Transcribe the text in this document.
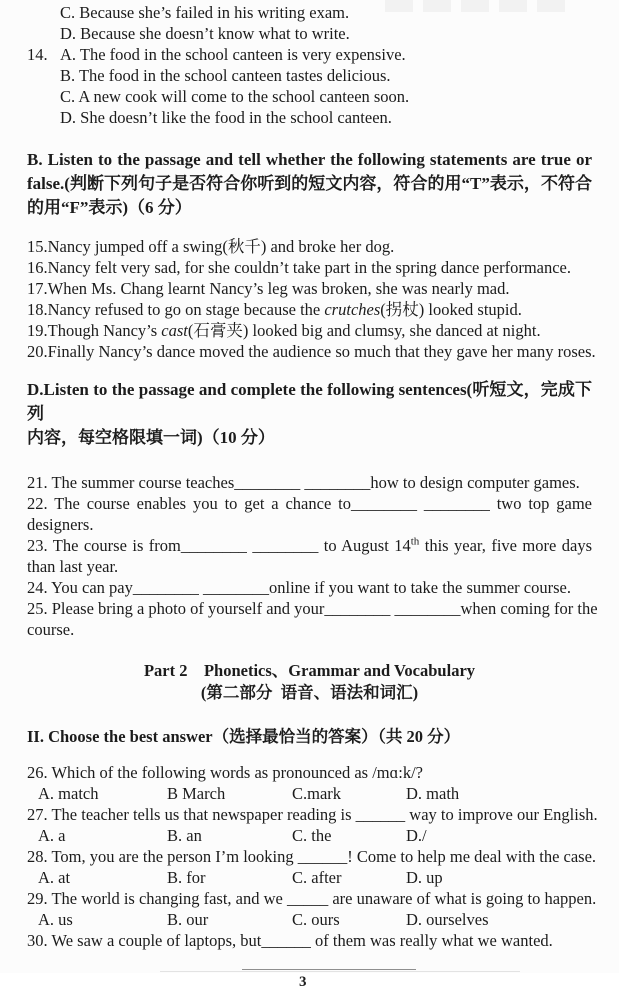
C. Because she’s failed in his writing exam.
D. Because she doesn’t know what to write.
14. A. The food in the school canteen is very expensive.
B. The food in the school canteen tastes delicious.
C. A new cook will come to the school canteen soon.
D. She doesn’t like the food in the school canteen.
B. Listen to the passage and tell whether the following statements are true or
false.(判断下列句子是否符合你听到的短文内容，符合的用“T”表示，不符合
的用“F”表示)（6 分）
15.Nancy jumped off a swing(秋千) and broke her dog.
16.Nancy felt very sad, for she couldn’t take part in the spring dance performance.
17.When Ms. Chang learnt Nancy’s leg was broken, she was nearly mad.
18.Nancy refused to go on stage because the crutches(拐杖) looked stupid.
19.Though Nancy’s cast(石膏夹) looked big and clumsy, she danced at night.
20.Finally Nancy’s dance moved the audience so much that they gave her many roses.
D.Listen to the passage and complete the following sentences(听短文，完成下列
内容，每空格限填一词)（10 分）
21. The summer course teaches________ ________how to design computer games.
22. The course enables you to get a chance to________ ________ two top game
designers.
23. The course is from________ ________ to August 14th this year, five more days
than last year.
24. You can pay________ ________online if you want to take the summer course.
25. Please bring a photo of yourself and your________ ________when coming for the
course.
Part 2    Phonetics、Grammar and Vocabulary
(第二部分  语音、语法和词汇)
II. Choose the best answer（选择最恰当的答案）（共 20 分）
26. Which of the following words as pronounced as /mɑ:k/?
A. match	B March	C.mark	D. math
27. The teacher tells us that newspaper reading is ______ way to improve our English.
A. a	B. an	C. the	D./
28. Tom, you are the person I’m looking ______! Come to help me deal with the case.
A. at	B. for	C. after	D. up
29. The world is changing fast, and we _____ are unaware of what is going to happen.
A. us	B. our	C. ours	D. ourselves
30. We saw a couple of laptops, but______ of them was really what we wanted.
3
